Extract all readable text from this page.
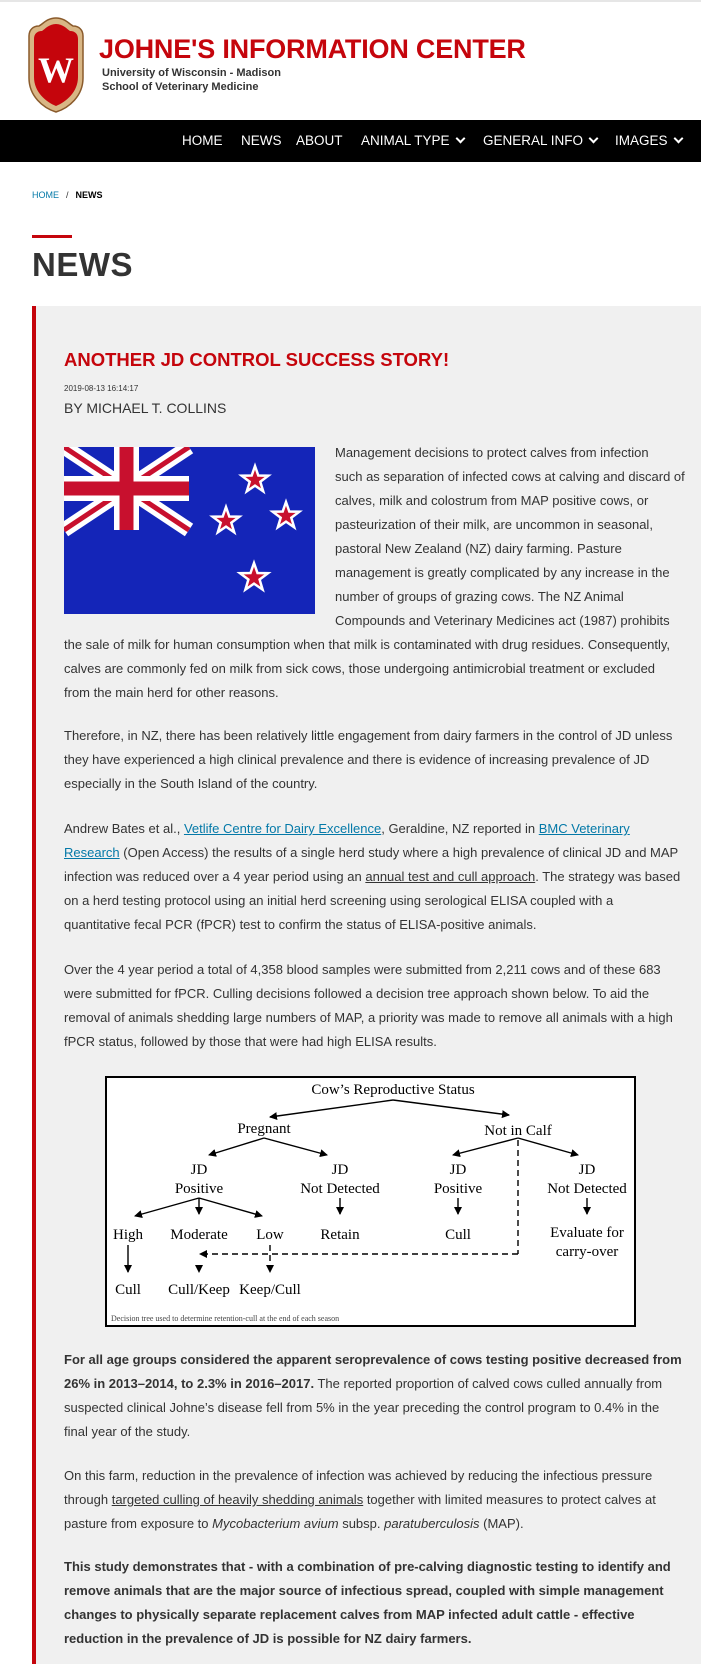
W
JOHNE'S INFORMATION CENTER
University of Wisconsin - Madison
School of Veterinary Medicine
HOME NEWS ABOUT ANIMAL TYPE	GENERAL INFO	IMAGES
HOME / NEWS
NEWS
ANOTHER JD CONTROL SUCCESS STORY!
2019-08-13 16:14:17
BY MICHAEL T. COLLINS

Management decisions to protect calves from infection

such as separation of infected cows at calving and discard of

calves, milk and colostrum from MAP positive cows, or

pasteurization of their milk, are uncommon in seasonal,

pastoral New Zealand (NZ) dairy farming. Pasture

management is greatly complicated by any increase in the

number of groups of grazing cows. The NZ Animal

Compounds and Veterinary Medicines act (1987) prohibits

the sale of milk for human consumption when that milk is contaminated with drug residues. Consequently,

calves are commonly fed on milk from sick cows, those undergoing antimicrobial treatment or excluded

from the main herd for other reasons.

Therefore, in NZ, there has been relatively little engagement from dairy farmers in the control of JD unless

they have experienced a high clinical prevalence and there is evidence of increasing prevalence of JD

especially in the South Island of the country.

Andrew Bates et al., Vetlife Centre for Dairy Excellence, Geraldine, NZ reported in BMC Veterinary

Research (Open Access) the results of a single herd study where a high prevalence of clinical JD and MAP

infection was reduced over a 4 year period using an annual test and cull approach. The strategy was based

on a herd testing protocol using an initial herd screening using serological ELISA coupled with a

quantitative fecal PCR (fPCR) test to confirm the status of ELISA-positive animals.

Over the 4 year period a total of 4,358 blood samples were submitted from 2,211 cows and of these 683

were submitted for fPCR. Culling decisions followed a decision tree approach shown below. To aid the

removal of animals shedding large numbers of MAP, a priority was made to remove all animals with a high

fPCR status, followed by those that were had high ELISA results.

Cow’s Reproductive Status
Pregnant	Not in Calf
JD
Positive
JD
Not Detected
JD
Positive
JD
Not Detected
High Moderate Low Retain	Cull	Evaluate for
carry-over
Cull Cull/Keep Keep/Cull
Decision tree used to determine retention-cull at the end of each season

For all age groups considered the apparent seroprevalence of cows testing positive decreased from

26% in 2013–2014, to 2.3% in 2016–2017. The reported proportion of calved cows culled annually from

suspected clinical Johne’s disease fell from 5% in the year preceding the control program to 0.4% in the

final year of the study.

On this farm, reduction in the prevalence of infection was achieved by reducing the infectious pressure

through targeted culling of heavily shedding animals together with limited measures to protect calves at

pasture from exposure to Mycobacterium avium subsp. paratuberculosis (MAP).

This study demonstrates that - with a combination of pre-calving diagnostic testing to identify and

remove animals that are the major source of infectious spread, coupled with simple management

changes to physically separate replacement calves from MAP infected adult cattle - effective

reduction in the prevalence of JD is possible for NZ dairy farmers.
